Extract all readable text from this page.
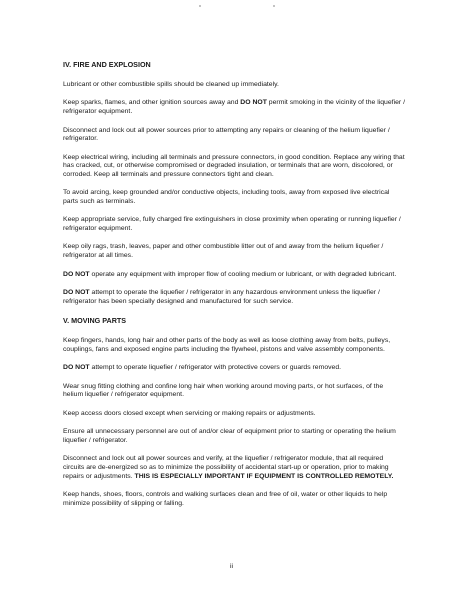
IV. FIRE AND EXPLOSION
Lubricant or other combustible spills should be cleaned up immediately.
Keep sparks, flames, and other ignition sources away and DO NOT permit smoking in the vicinity of the liquefier / refrigerator equipment.
Disconnect and lock out all power sources prior to attempting any repairs or cleaning of the helium liquefier / refrigerator.
Keep electrical wiring, including all terminals and pressure connectors, in good condition. Replace any wiring that has cracked, cut, or otherwise compromised or degraded insulation, or terminals that are worn, discolored, or corroded. Keep all terminals and pressure connectors tight and clean.
To avoid arcing, keep grounded and/or conductive objects, including tools, away from exposed live electrical parts such as terminals.
Keep appropriate service, fully charged fire extinguishers in close proximity when operating or running liquefier / refrigerator equipment.
Keep oily rags, trash, leaves, paper and other combustible litter out of and away from the helium liquefier / refrigerator at all times.
DO NOT operate any equipment with improper flow of cooling medium or lubricant, or with degraded lubricant.
DO NOT attempt to operate the liquefier / refrigerator in any hazardous environment unless the liquefier / refrigerator has been specially designed and manufactured for such service.
V. MOVING PARTS
Keep fingers, hands, long hair and other parts of the body as well as loose clothing away from belts, pulleys, couplings, fans and exposed engine parts including the flywheel, pistons and valve assembly components.
DO NOT attempt to operate liquefier / refrigerator with protective covers or guards removed.
Wear snug fitting clothing and confine long hair when working around moving parts, or hot surfaces, of the helium liquefier / refrigerator equipment.
Keep access doors closed except when servicing or making repairs or adjustments.
Ensure all unnecessary personnel are out of and/or clear of equipment prior to starting or operating the helium liquefier / refrigerator.
Disconnect and lock out all power sources and verify, at the liquefier / refrigerator module, that all required circuits are de-energized so as to minimize the possibility of accidental start-up or operation, prior to making repairs or adjustments. THIS IS ESPECIALLY IMPORTANT IF EQUIPMENT IS CONTROLLED REMOTELY.
Keep hands, shoes, floors, controls and walking surfaces clean and free of oil, water or other liquids to help minimize possibility of slipping or falling.
ii
